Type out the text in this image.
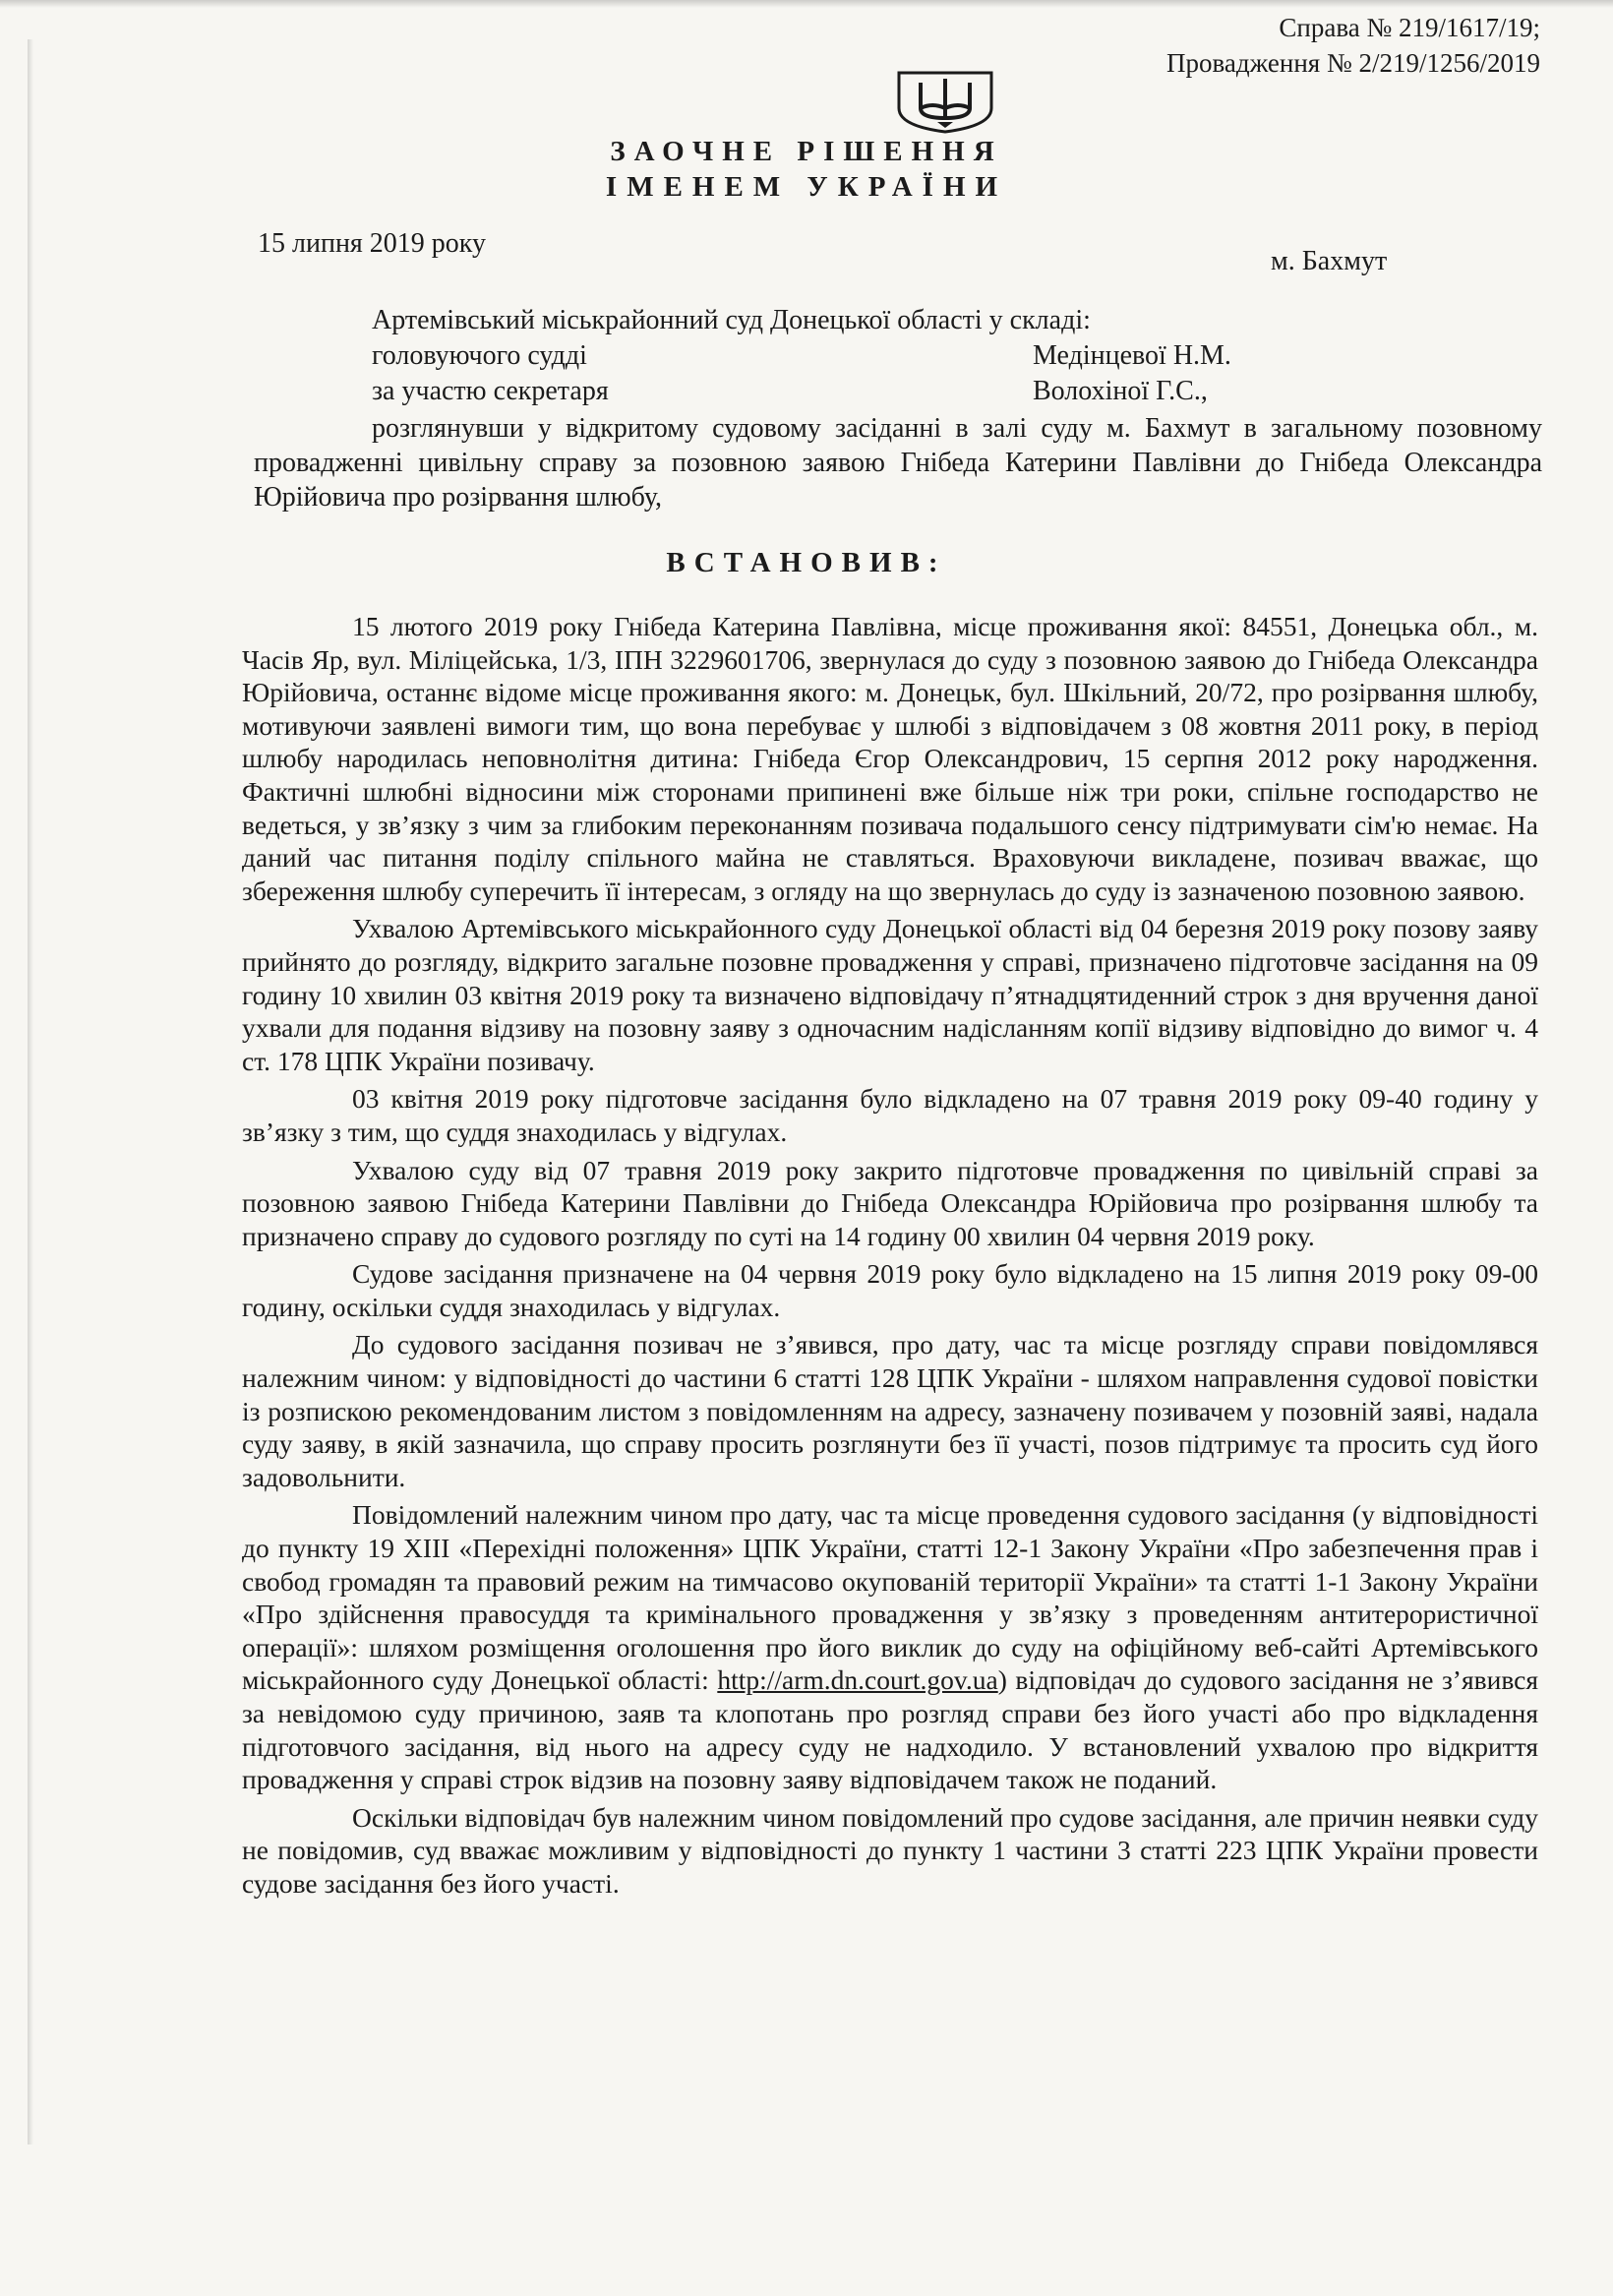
Справа № 219/1617/19;
Провадження № 2/219/1256/2019
ЗАОЧНЕ РІШЕННЯ
ІМЕНЕМ УКРАЇНИ
15 липня 2019 року
м. Бахмут
Артемівський міськрайонний суд Донецької області у складі:
головуючого судді	Медінцевої Н.М.
за участю секретаря	Волохіної Г.С.,
розглянувши у відкритому судовому засіданні в залі суду м. Бахмут в загальному позовному провадженні цивільну справу за позовною заявою Гнібеда Катерини Павлівни до Гнібеда Олександра Юрійовича про розірвання шлюбу,
ВСТАНОВИВ:

15 лютого 2019 року Гнібеда Катерина Павлівна, місце проживання якої: 84551, Донецька обл., м. Часів Яр, вул. Міліцейська, 1/3, ІПН 3229601706, звернулася до суду з позовною заявою до Гнібеда Олександра Юрійовича, останнє відоме місце проживання якого: м. Донецьк, бул. Шкільний, 20/72, про розірвання шлюбу, мотивуючи заявлені вимоги тим, що вона перебуває у шлюбі з відповідачем з 08 жовтня 2011 року, в період шлюбу народилась неповнолітня дитина: Гнібеда Єгор Олександрович, 15 серпня 2012 року народження. Фактичні шлюбні відносини між сторонами припинені вже більше ніж три роки, спільне господарство не ведеться, у зв’язку з чим за глибоким переконанням позивача подальшого сенсу підтримувати сім'ю немає. На даний час питання поділу спільного майна не ставляться. Враховуючи викладене, позивач вважає, що збереження шлюбу суперечить її інтересам, з огляду на що звернулась до суду із зазначеною позовною заявою.

Ухвалою Артемівського міськрайонного суду Донецької області від 04 березня 2019 року позову заяву прийнято до розгляду, відкрито загальне позовне провадження у справі, призначено підготовче засідання на 09 годину 10 хвилин 03 квітня 2019 року та визначено відповідачу п’ятнадцятиденний строк з дня вручення даної ухвали для подання відзиву на позовну заяву з одночасним надісланням копії відзиву відповідно до вимог ч. 4 ст. 178 ЦПК України позивачу.

03 квітня 2019 року підготовче засідання було відкладено на 07 травня 2019 року 09-40 годину у зв’язку з тим, що суддя знаходилась у відгулах.

Ухвалою суду від 07 травня 2019 року закрито підготовче провадження по цивільній справі за позовною заявою Гнібеда Катерини Павлівни до Гнібеда Олександра Юрійовича про розірвання шлюбу та призначено справу до судового розгляду по суті на 14 годину 00 хвилин 04 червня 2019 року.

Судове засідання призначене на 04 червня 2019 року було відкладено на 15 липня 2019 року 09-00 годину, оскільки суддя знаходилась у відгулах.

До судового засідання позивач не з’явився, про дату, час та місце розгляду справи повідомлявся належним чином: у відповідності до частини 6 статті 128 ЦПК України - шляхом направлення судової повістки із розпискою рекомендованим листом з повідомленням на адресу, зазначену позивачем у позовній заяві, надала суду заяву, в якій зазначила, що справу просить розглянути без її участі, позов підтримує та просить суд його задовольнити.

Повідомлений належним чином про дату, час та місце проведення судового засідання (у відповідності до пункту 19 XIII «Перехідні положення» ЦПК України, статті 12-1 Закону України «Про забезпечення прав і свобод громадян та правовий режим на тимчасово окупованій території України» та статті 1-1 Закону України «Про здійснення правосуддя та кримінального провадження у зв’язку з проведенням антитерористичної операції»: шляхом розміщення оголошення про його виклик до суду на офіційному веб-сайті Артемівського міськрайонного суду Донецької області: http://arm.dn.court.gov.ua) відповідач до судового засідання не з’явився за невідомою суду причиною, заяв та клопотань про розгляд справи без його участі або про відкладення підготовчого засідання, від нього на адресу суду не надходило. У встановлений ухвалою про відкриття провадження у справі строк відзив на позовну заяву відповідачем також не поданий.

Оскільки відповідач був належним чином повідомлений про судове засідання, але причин неявки суду не повідомив, суд вважає можливим у відповідності до пункту 1 частини 3 статті 223 ЦПК України провести судове засідання без його участі.
